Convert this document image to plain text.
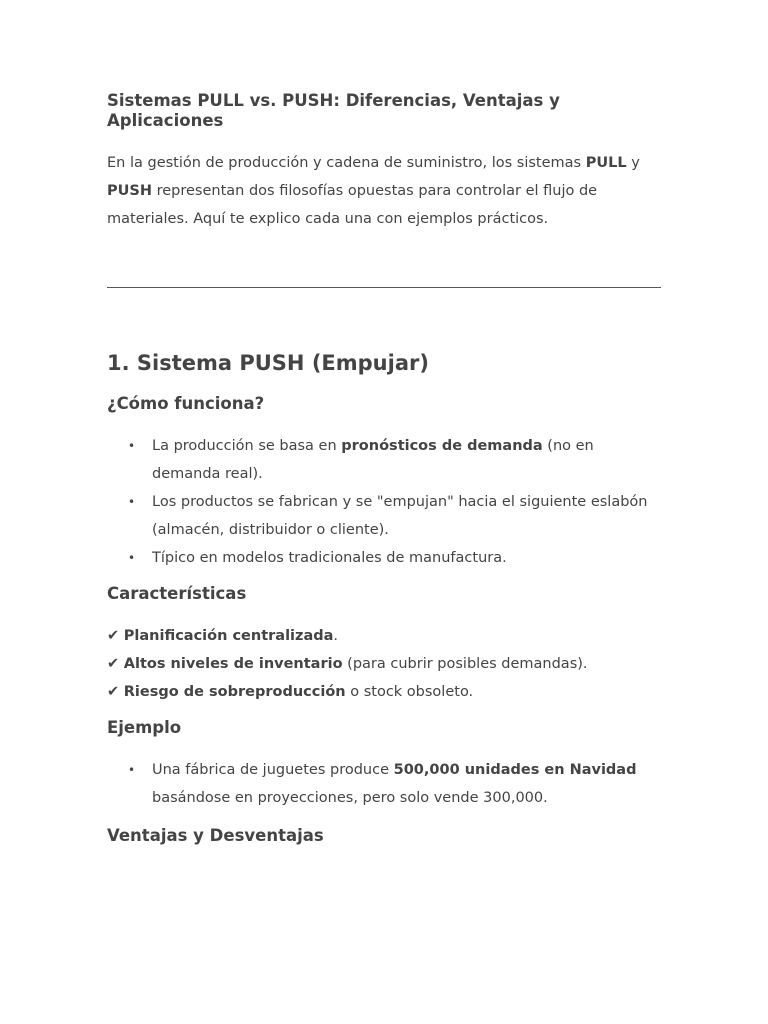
Sistemas PULL vs. PUSH: Diferencias, Ventajas y Aplicaciones

En la gestión de producción y cadena de suministro, los sistemas PULL y PUSH representan dos filosofías opuestas para controlar el flujo de materiales. Aquí te explico cada una con ejemplos prácticos.

1. Sistema PUSH (Empujar)
¿Cómo funciona?
• La producción se basa en pronósticos de demanda (no en demanda real).
• Los productos se fabrican y se "empujan" hacia el siguiente eslabón (almacén, distribuidor o cliente).
• Típico en modelos tradicionales de manufactura.
Características
✔ Planificación centralizada.
✔ Altos niveles de inventario (para cubrir posibles demandas).
✔ Riesgo de sobreproducción o stock obsoleto.
Ejemplo
• Una fábrica de juguetes produce 500,000 unidades en Navidad basándose en proyecciones, pero solo vende 300,000.
Ventajas y Desventajas
